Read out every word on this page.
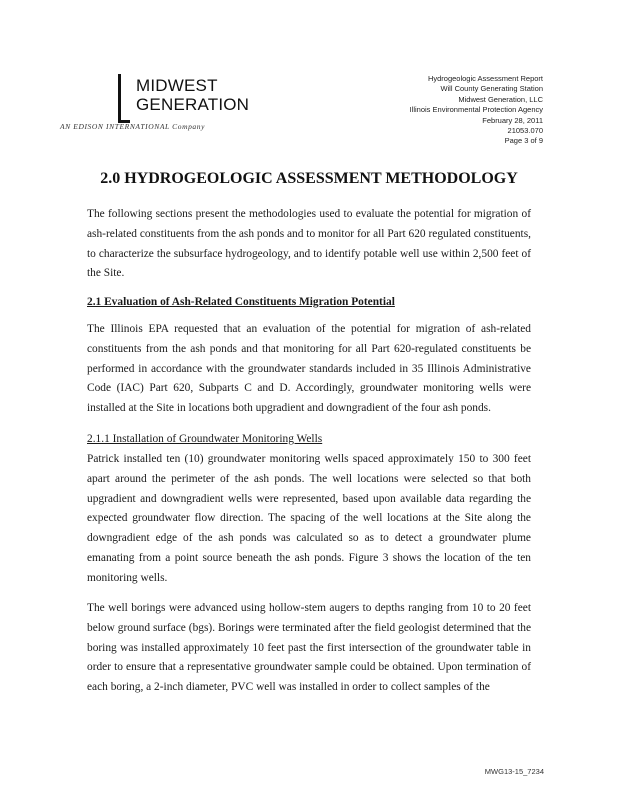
MIDWEST
GENERATION
AN EDISON INTERNATIONAL Company
Hydrogeologic Assessment Report
Will County Generating Station
Midwest Generation, LLC
Illinois Environmental Protection Agency
February 28, 2011
21053.070
Page 3 of 9
2.0 HYDROGEOLOGIC ASSESSMENT METHODOLOGY
The following sections present the methodologies used to evaluate the potential for migration of ash-related constituents from the ash ponds and to monitor for all Part 620 regulated constituents, to characterize the subsurface hydrogeology, and to identify potable well use within 2,500 feet of the Site.
2.1 Evaluation of Ash-Related Constituents Migration Potential
The Illinois EPA requested that an evaluation of the potential for migration of ash-related constituents from the ash ponds and that monitoring for all Part 620-regulated constituents be performed in accordance with the groundwater standards included in 35 Illinois Administrative Code (IAC) Part 620, Subparts C and D. Accordingly, groundwater monitoring wells were installed at the Site in locations both upgradient and downgradient of the four ash ponds.
2.1.1 Installation of Groundwater Monitoring Wells
Patrick installed ten (10) groundwater monitoring wells spaced approximately 150 to 300 feet apart around the perimeter of the ash ponds. The well locations were selected so that both upgradient and downgradient wells were represented, based upon available data regarding the expected groundwater flow direction. The spacing of the well locations at the Site along the downgradient edge of the ash ponds was calculated so as to detect a groundwater plume emanating from a point source beneath the ash ponds. Figure 3 shows the location of the ten monitoring wells.
The well borings were advanced using hollow-stem augers to depths ranging from 10 to 20 feet below ground surface (bgs). Borings were terminated after the field geologist determined that the boring was installed approximately 10 feet past the first intersection of the groundwater table in order to ensure that a representative groundwater sample could be obtained. Upon termination of each boring, a 2-inch diameter, PVC well was installed in order to collect samples of the
MWG13-15_7234
